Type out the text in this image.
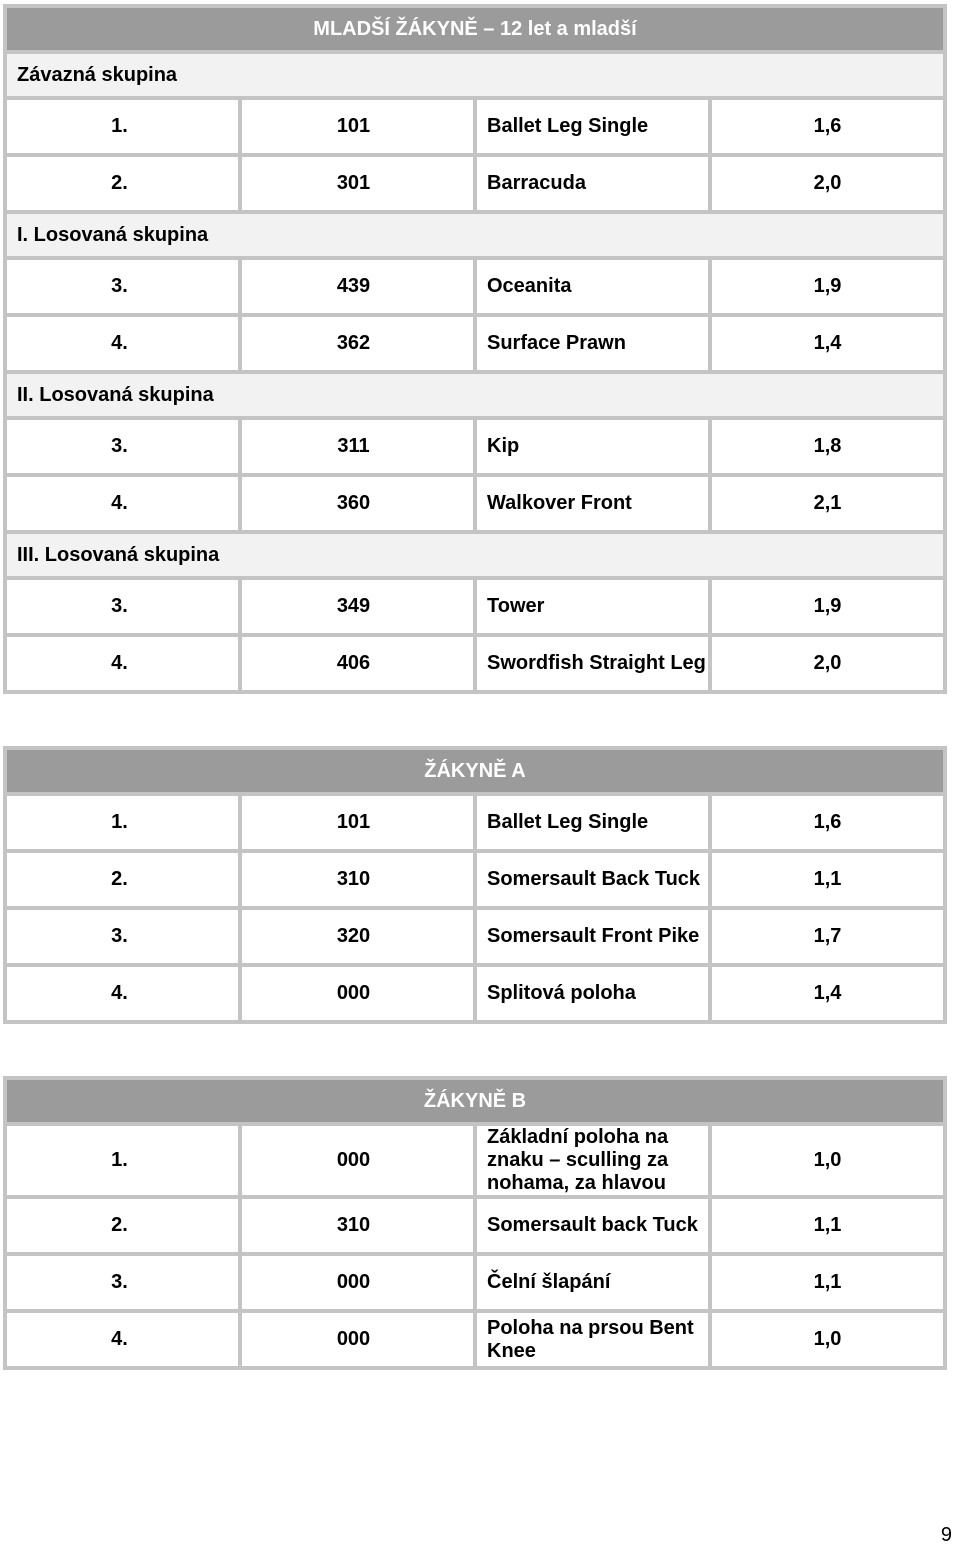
MLADŠÍ ŽÁKYNĚ – 12 let a mladší			
Závazná skupina			
1.	101	Ballet Leg Single	1,6
2.	301	Barracuda	2,0
I. Losovaná skupina			
3.	439	Oceanita	1,9
4.	362	Surface Prawn	1,4
II. Losovaná skupina			
3.	311	Kip	1,8
4.	360	Walkover Front	2,1
III. Losovaná skupina			
3.	349	Tower	1,9
4.	406	Swordfish Straight Leg	2,0
ŽÁKYNĚ A			
1.	101	Ballet Leg Single	1,6
2.	310	Somersault Back Tuck	1,1
3.	320	Somersault Front Pike	1,7
4.	000	Splitová poloha	1,4
ŽÁKYNĚ B			
1.	000	Základní poloha na znaku – sculling za nohama, za hlavou	1,0
2.	310	Somersault back Tuck	1,1
3.	000	Čelní šlapání	1,1
4.	000	Poloha na prsou Bent Knee	1,0
9
